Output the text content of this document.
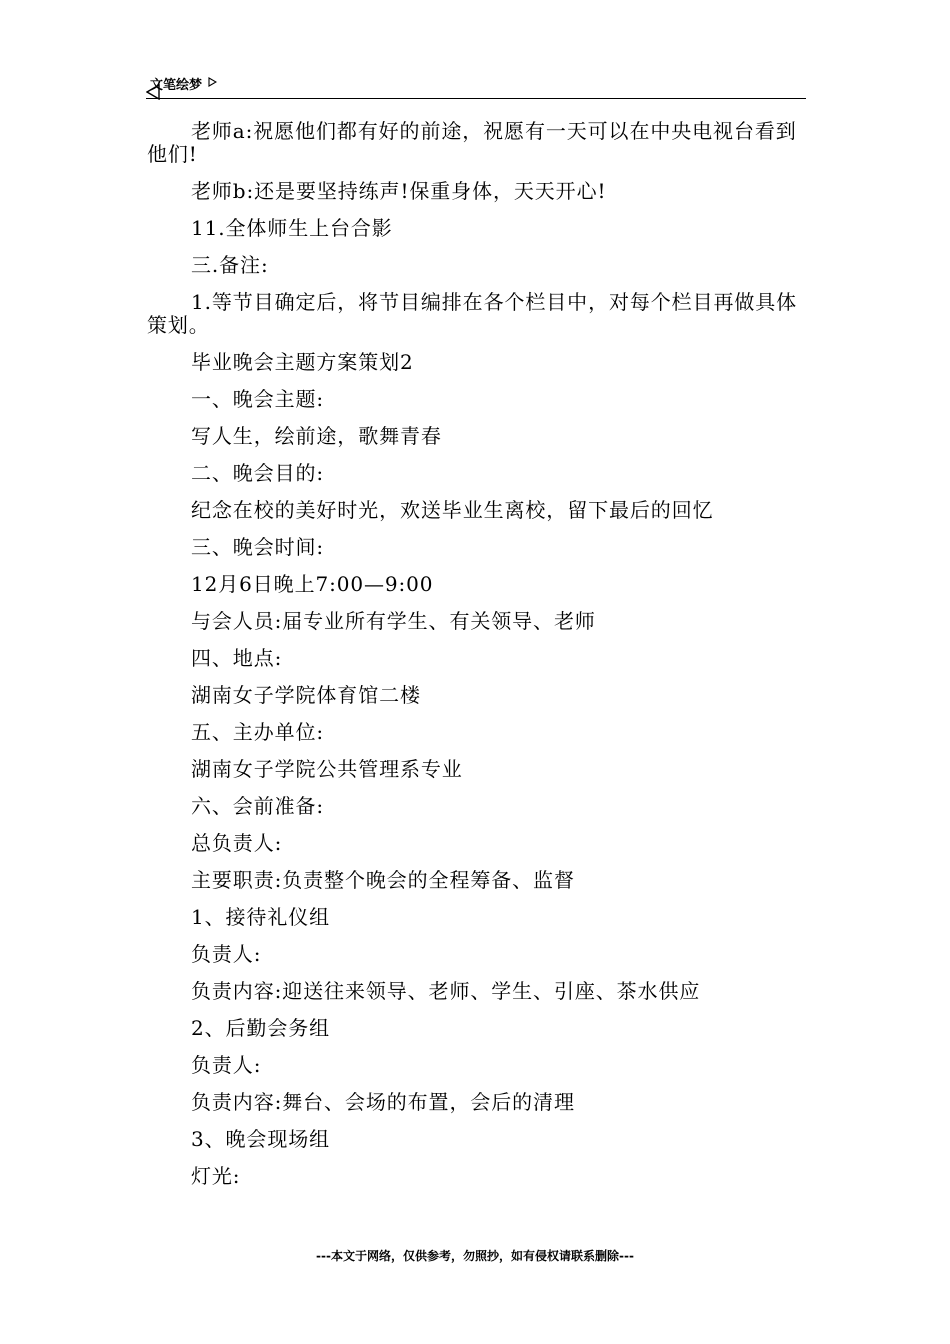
文笔绘梦

老师a:祝愿他们都有好的前途，祝愿有一天可以在中央电视台看到他们!

老师b:还是要坚持练声!保重身体，天天开心!

11.全体师生上台合影

三.备注:

1.等节目确定后，将节目编排在各个栏目中，对每个栏目再做具体策划。

毕业晚会主题方案策划2

一、晚会主题:

写人生，绘前途，歌舞青春

二、晚会目的:

纪念在校的美好时光，欢送毕业生离校，留下最后的回忆

三、晚会时间:

12月6日晚上7:00—9:00

与会人员:届专业所有学生、有关领导、老师

四、地点:

湖南女子学院体育馆二楼

五、主办单位:

湖南女子学院公共管理系专业

六、会前准备:

总负责人:

主要职责:负责整个晚会的全程筹备、监督

1、接待礼仪组

负责人:

负责内容:迎送往来领导、老师、学生、引座、茶水供应

2、后勤会务组

负责人:

负责内容:舞台、会场的布置，会后的清理

3、晚会现场组

灯光:

---本文于网络，仅供参考，勿照抄，如有侵权请联系删除---
